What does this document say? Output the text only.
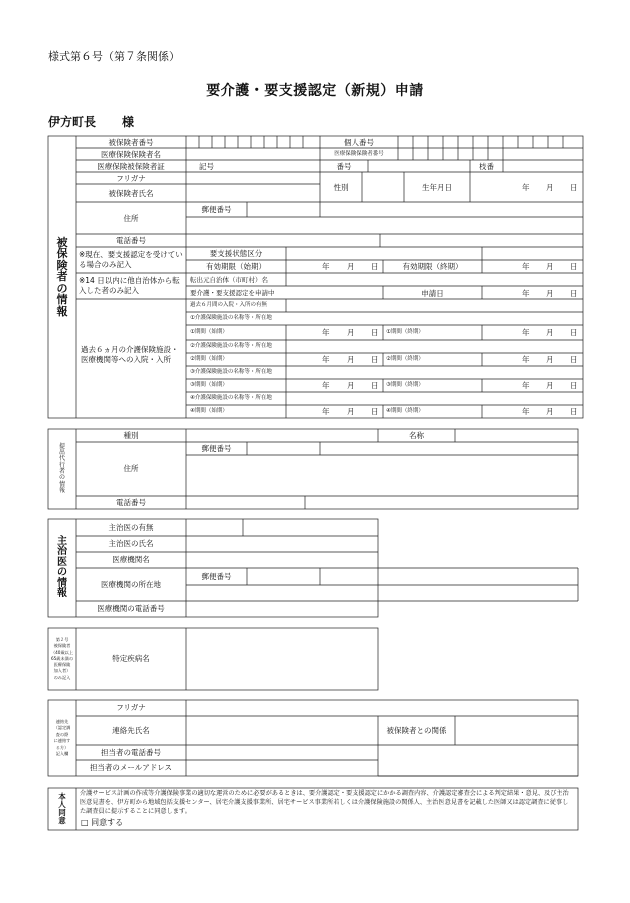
様式第６号（第７条関係）
要介護・要支援認定（新規）申請
伊方町長 様
被
保
険
者
の
情
報
被保険者番号	個人番号
医療保険保険者名	医療保険保険者番号
医療保険被保険者証	記号	番号	枝番
フリガナ
被保険者氏名
性別	生年月日	年 月 日
郵便番号
住所
電話番号
※現在、要支援認定を受けている場合のみ記入
要支援状態区分
有効期限（始期）	年 月 日	有効期限（終期）	年 月 日
※14 日以内に他自治体から転入した者のみ記入
転出元自治体（市町村）名
要介護・要支援認定を申請中	申請日	年 月 日
過去６ヵ月の介護保険施設・医療機関等への入院・入所
過去６月間の入院・入所の有無
①介護保険施設の名称等・所在地
①期間（始期）	年 月 日 ①期間（終期）	年 月 日
②介護保険施設の名称等・所在地
②期間（始期）	年 月 日 ②期間（終期）	年 月 日
③介護保険施設の名称等・所在地
③期間（始期）	年 月 日 ③期間（終期）	年 月 日
④介護保険施設の名称等・所在地
④期間（始期）	年 月 日 ④期間（終期）	年 月 日
提
出
代
行
者
の
情
報
種別	名称
郵便番号
住所
電話番号
主
治
医
の
情
報
主治医の有無
主治医の氏名
医療機関名
医療機関の所在地
郵便番号
医療機関の電話番号
第２号
被保険者
（40歳以上
65歳未満の
医療保険
加入者）
のみ記入
特定疾病名
連絡先
（認定調
査の際
に連絡す
る方）
記入欄
フリガナ
連絡先氏名	被保険者との関係
担当者の電話番号
担当者のメールアドレス
本
人
同
意
介護サービス計画の作成等介護保険事業の適切な運営のために必要があるときは、要介護認定・要支援認定にかかる調査内容、介護認定審査会による判定結果・意見、及び主治医意見書を、伊方町から地域包括支援センター、居宅介護支援事業所、居宅サービス事業所若しくは介護保険施設の関係人、主治医意見書を記載した医師又は認定調査に従事した調査員に提示することに同意します。
□ 同意する
